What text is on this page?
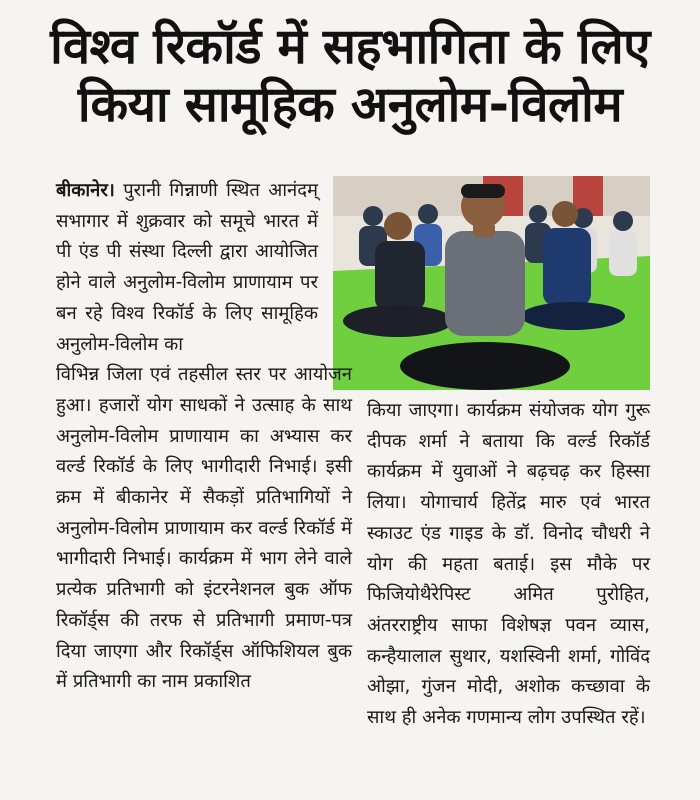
विश्व रिकॉर्ड में सहभागिता के लिए
किया सामूहिक अनुलोम-विलोम
बीकानेर। पुरानी गिन्नाणी स्थित आनंदम् सभागार में शुक्रवार को समूचे भारत में पी एंड पी संस्था दिल्ली द्वारा आयोजित होने वाले अनुलोम-विलोम प्राणायाम पर बन रहे विश्व रिकॉर्ड के लिए सामूहिक अनुलोम-विलोम का
विभिन्न जिला एवं तहसील स्तर पर आयोजन हुआ। हजारों योग साधकों ने उत्साह के साथ अनुलोम-विलोम प्राणायाम का अभ्यास कर वर्ल्ड रिकॉर्ड के लिए भागीदारी निभाई। इसी क्रम में बीकानेर में सैकड़ों प्रतिभागियों ने अनुलोम-विलोम प्राणायाम कर वर्ल्ड रिकॉर्ड में भागीदारी निभाई। कार्यक्रम में भाग लेने वाले प्रत्येक प्रतिभागी को इंटरनेशनल बुक ऑफ रिकॉर्ड्स की तरफ से प्रतिभागी प्रमाण-पत्र दिया जाएगा और रिकॉर्ड्स ऑफिशियल बुक में प्रतिभागी का नाम प्रकाशित
किया जाएगा। कार्यक्रम संयोजक योग गुरू दीपक शर्मा ने बताया कि वर्ल्ड रिकॉर्ड कार्यक्रम में युवाओं ने बढ़चढ़ कर हिस्सा लिया। योगाचार्य हितेंद्र मारु एवं भारत स्काउट एंड गाइड के डॉ. विनोद चौधरी ने योग की महता बताई। इस मौके पर फिजियोथैरेपिस्ट अमित पुरोहित, अंतरराष्ट्रीय साफा विशेषज्ञ पवन व्यास, कन्हैयालाल सुथार, यशस्विनी शर्मा, गोविंद ओझा, गुंजन मोदी, अशोक कच्छावा के साथ ही अनेक गणमान्य लोग उपस्थित रहें।
